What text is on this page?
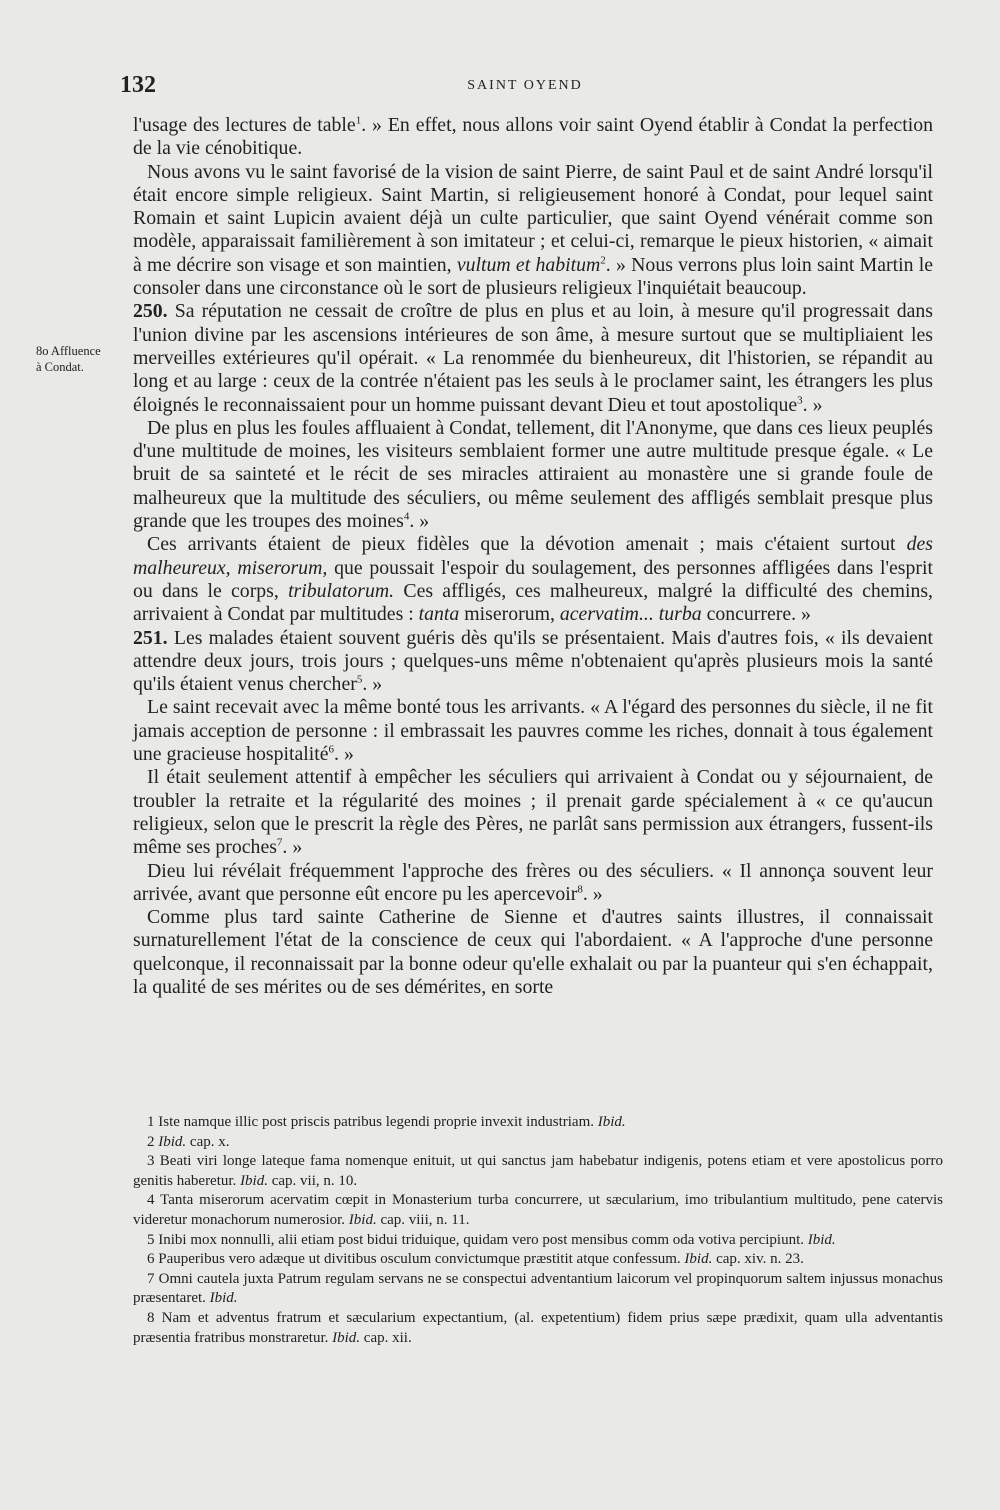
132	SAINT OYEND
8o Affluence
à Condat.

l'usage des lectures de table$^1$. » En effet, nous allons voir saint Oyend établir à Condat la perfection de la vie cénobitique.

Nous avons vu le saint favorisé de la vision de saint Pierre, de saint Paul et de saint André lorsqu'il était encore simple religieux. Saint Martin, si religieusement honoré à Condat, pour lequel saint Romain et saint Lupicin avaient déjà un culte particulier, que saint Oyend vénérait comme son modèle, apparaissait familièrement à son imitateur ; et celui-ci, remarque le pieux historien, « aimait à me décrire son visage et son maintien, vultum et habitum$^2$. » Nous verrons plus loin saint Martin le consoler dans une circonstance où le sort de plusieurs religieux l'inquiétait beaucoup.

250. Sa réputation ne cessait de croître de plus en plus et au loin, à mesure qu'il progressait dans l'union divine par les ascensions intérieures de son âme, à mesure surtout que se multipliaient les merveilles extérieures qu'il opérait. « La renommée du bienheureux, dit l'historien, se répandit au long et au large : ceux de la contrée n'étaient pas les seuls à le proclamer saint, les étrangers les plus éloignés le reconnaissaient pour un homme puissant devant Dieu et tout apostolique$^3$. »

De plus en plus les foules affluaient à Condat, tellement, dit l'Anonyme, que dans ces lieux peuplés d'une multitude de moines, les visiteurs semblaient former une autre multitude presque égale. « Le bruit de sa sainteté et le récit de ses miracles attiraient au monastère une si grande foule de malheureux que la multitude des séculiers, ou même seulement des affligés semblait presque plus grande que les troupes des moines$^4$. »

Ces arrivants étaient de pieux fidèles que la dévotion amenait ; mais c'étaient surtout des malheureux, miserorum, que poussait l'espoir du soulagement, des personnes affligées dans l'esprit ou dans le corps, tribulatorum. Ces affligés, ces malheureux, malgré la difficulté des chemins, arrivaient à Condat par multitudes : tanta miserorum, acervatim... turba concurrere. »

251. Les malades étaient souvent guéris dès qu'ils se présentaient. Mais d'autres fois, « ils devaient attendre deux jours, trois jours ; quelques-uns même n'obtenaient qu'après plusieurs mois la santé qu'ils étaient venus chercher$^5$. »

Le saint recevait avec la même bonté tous les arrivants. « A l'égard des personnes du siècle, il ne fit jamais acception de personne : il embrassait les pauvres comme les riches, donnait à tous également une gracieuse hospitalité$^6$. »

Il était seulement attentif à empêcher les séculiers qui arrivaient à Condat ou y séjournaient, de troubler la retraite et la régularité des moines ; il prenait garde spécialement à « ce qu'aucun religieux, selon que le prescrit la règle des Pères, ne parlât sans permission aux étrangers, fussent-ils même ses proches$^7$. »

Dieu lui révélait fréquemment l'approche des frères ou des séculiers. « Il annonça souvent leur arrivée, avant que personne eût encore pu les apercevoir$^8$. »

Comme plus tard sainte Catherine de Sienne et d'autres saints illustres, il connaissait surnaturellement l'état de la conscience de ceux qui l'abordaient. « A l'approche d'une personne quelconque, il reconnaissait par la bonne odeur qu'elle exhalait ou par la puanteur qui s'en échappait, la qualité de ses mérites ou de ses démérites, en sorte

1 Iste namque illic post priscis patribus legendi proprie invexit industriam. Ibid.

2 Ibid. cap. x.

3 Beati viri longe lateque fama nomenque enituit, ut qui sanctus jam habebatur indigenis, potens etiam et vere apostolicus porro genitis haberetur. Ibid. cap. vii, n. 10.

4 Tanta miserorum acervatim cœpit in Monasterium turba concurrere, ut sæcularium, imo tribulantium multitudo, pene catervis videretur monachorum numerosior. Ibid. cap. viii, n. 11.

5 Inibi mox nonnulli, alii etiam post bidui triduique, quidam vero post mensibus comm oda votiva percipiunt. Ibid.

6 Pauperibus vero adæque ut divitibus osculum convictumque præstitit atque confessum. Ibid. cap. xiv. n. 23.

7 Omni cautela juxta Patrum regulam servans ne se conspectui adventantium laicorum vel propinquorum saltem injussus monachus præsentaret. Ibid.

8 Nam et adventus fratrum et sæcularium expectantium, (al. expetentium) fidem prius sæpe prædixit, quam ulla adventantis præsentia fratribus monstraretur. Ibid. cap. xii.
